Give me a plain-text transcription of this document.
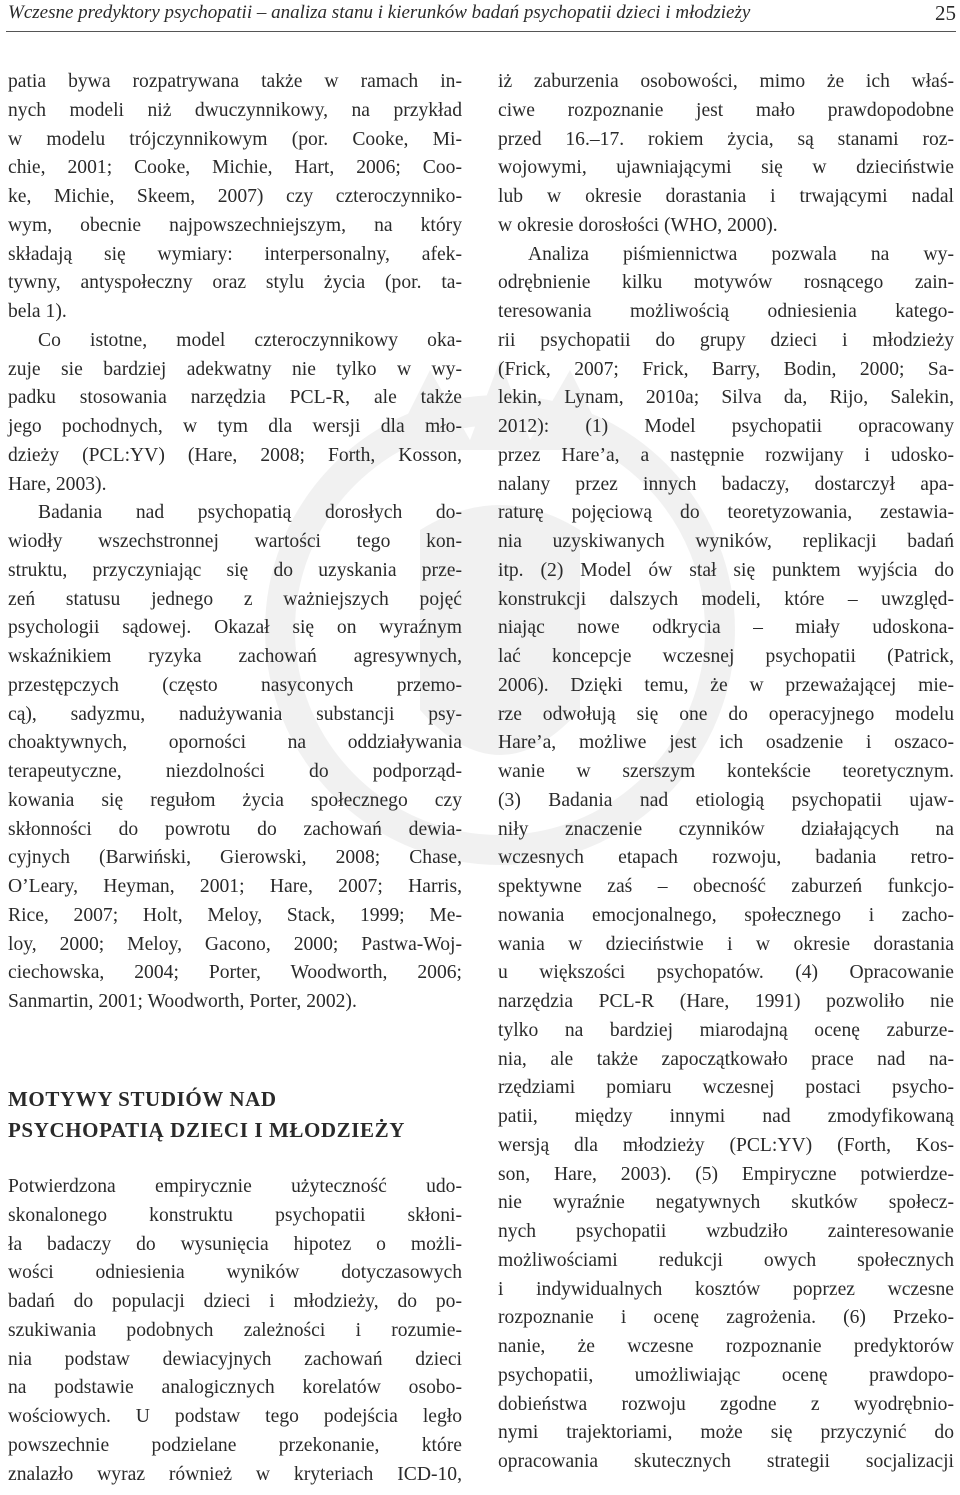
Wczesne predyktory psychopatii – analiza stanu i kierunków badań psychopatii dzieci i młodzieży	25
patia bywa rozpatrywana także w ramach in-
nych modeli niż dwuczynnikowy, na przykład
w modelu trójczynnikowym (por. Cooke, Mi-
chie, 2001; Cooke, Michie, Hart, 2006; Coo-
ke, Michie, Skeem, 2007) czy czteroczynniko-
wym, obecnie najpowszechniejszym, na który
składają się wymiary: interpersonalny, afek-
tywny, antyspołeczny oraz stylu życia (por. ta-
bela 1).
Co istotne, model czteroczynnikowy oka-
zuje sie bardziej adekwatny nie tylko w wy-
padku stosowania narzędzia PCL-R, ale także
jego pochodnych, w tym dla wersji dla mło-
dzieży (PCL:YV) (Hare, 2008; Forth, Kosson,
Hare, 2003).
Badania nad psychopatią dorosłych do-
wiodły wszechstronnej wartości tego kon-
struktu, przyczyniając się do uzyskania prze-
zeń statusu jednego z ważniejszych pojęć
psychologii sądowej. Okazał się on wyraźnym
wskaźnikiem ryzyka zachowań agresywnych,
przestępczych (często nasyconych przemo-
cą), sadyzmu, nadużywania substancji psy-
choaktywnych, oporności na oddziaływania
terapeutyczne, niezdolności do podporząd-
kowania się regułom życia społecznego czy
skłonności do powrotu do zachowań dewia-
cyjnych (Barwiński, Gierowski, 2008; Chase,
O’Leary, Heyman, 2001; Hare, 2007; Harris,
Rice, 2007; Holt, Meloy, Stack, 1999; Me-
loy, 2000; Meloy, Gacono, 2000; Pastwa-Woj-
ciechowska, 2004; Porter, Woodworth, 2006;
Sanmartin, 2001; Woodworth, Porter, 2002).
Potwierdzona empirycznie użyteczność udo-
skonalonego konstruktu psychopatii skłoni-
ła badaczy do wysunięcia hipotez o możli-
wości odniesienia wyników dotyczasowych
badań do populacji dzieci i młodzieży, do po-
szukiwania podobnych zależności i rozumie-
nia podstaw dewiacyjnych zachowań dzieci
na podstawie analogicznych korelatów osobo-
wościowych. U podstaw tego podejścia legło
powszechnie podzielane przekonanie, które
znalazło wyraz również w kryteriach ICD-10,
iż zaburzenia osobowości, mimo że ich właś-
ciwe rozpoznanie jest mało prawdopodobne
przed 16.–17. rokiem życia, są stanami roz-
wojowymi, ujawniającymi się w dzieciństwie
lub w okresie dorastania i trwającymi nadal
w okresie dorosłości (WHO, 2000).
Analiza piśmiennictwa pozwala na wy-
odrębnienie kilku motywów rosnącego zain-
teresowania możliwością odniesienia katego-
rii psychopatii do grupy dzieci i młodzieży
(Frick, 2007; Frick, Barry, Bodin, 2000; Sa-
lekin, Lynam, 2010a; Silva da, Rijo, Salekin,
2012): (1) Model psychopatii opracowany
przez Hare’a, a następnie rozwijany i udosko-
nalany przez innych badaczy, dostarczył apa-
raturę pojęciową do teoretyzowania, zestawia-
nia uzyskiwanych wyników, replikacji badań
itp. (2) Model ów stał się punktem wyjścia do
konstrukcji dalszych modeli, które – uwzględ-
niając nowe odkrycia – miały udoskona-
lać koncepcje wczesnej psychopatii (Patrick,
2006). Dzięki temu, że w przeważającej mie-
rze odwołują się one do operacyjnego modelu
Hare’a, możliwe jest ich osadzenie i oszaco-
wanie w szerszym kontekście teoretycznym.
(3) Badania nad etiologią psychopatii ujaw-
niły znaczenie czynników działających na
wczesnych etapach rozwoju, badania retro-
spektywne zaś – obecność zaburzeń funkcjo-
nowania emocjonalnego, społecznego i zacho-
wania w dzieciństwie i w okresie dorastania
u większości psychopatów. (4) Opracowanie
narzędzia PCL-R (Hare, 1991) pozwoliło nie
tylko na bardziej miarodajną ocenę zaburze-
nia, ale także zapoczątkowało prace nad na-
rzędziami pomiaru wczesnej postaci psycho-
patii, między innymi nad zmodyfikowaną
wersją dla młodzieży (PCL:YV) (Forth, Kos-
son, Hare, 2003). (5) Empiryczne potwierdze-
nie wyraźnie negatywnych skutków społecz-
nych psychopatii wzbudziło zainteresowanie
możliwościami redukcji owych społecznych
i indywidualnych kosztów poprzez wczesne
rozpoznanie i ocenę zagrożenia. (6) Przeko-
nanie, że wczesne rozpoznanie predyktorów
psychopatii, umożliwiając ocenę prawdopo-
dobieństwa rozwoju zgodne z wyodrębnio-
nymi trajektoriami, może się przyczynić do
opracowania skutecznych strategii socjalizacji
MOTYWY STUDIÓW NAD
PSYCHOPATIĄ DZIECI I MŁODZIEŻY
